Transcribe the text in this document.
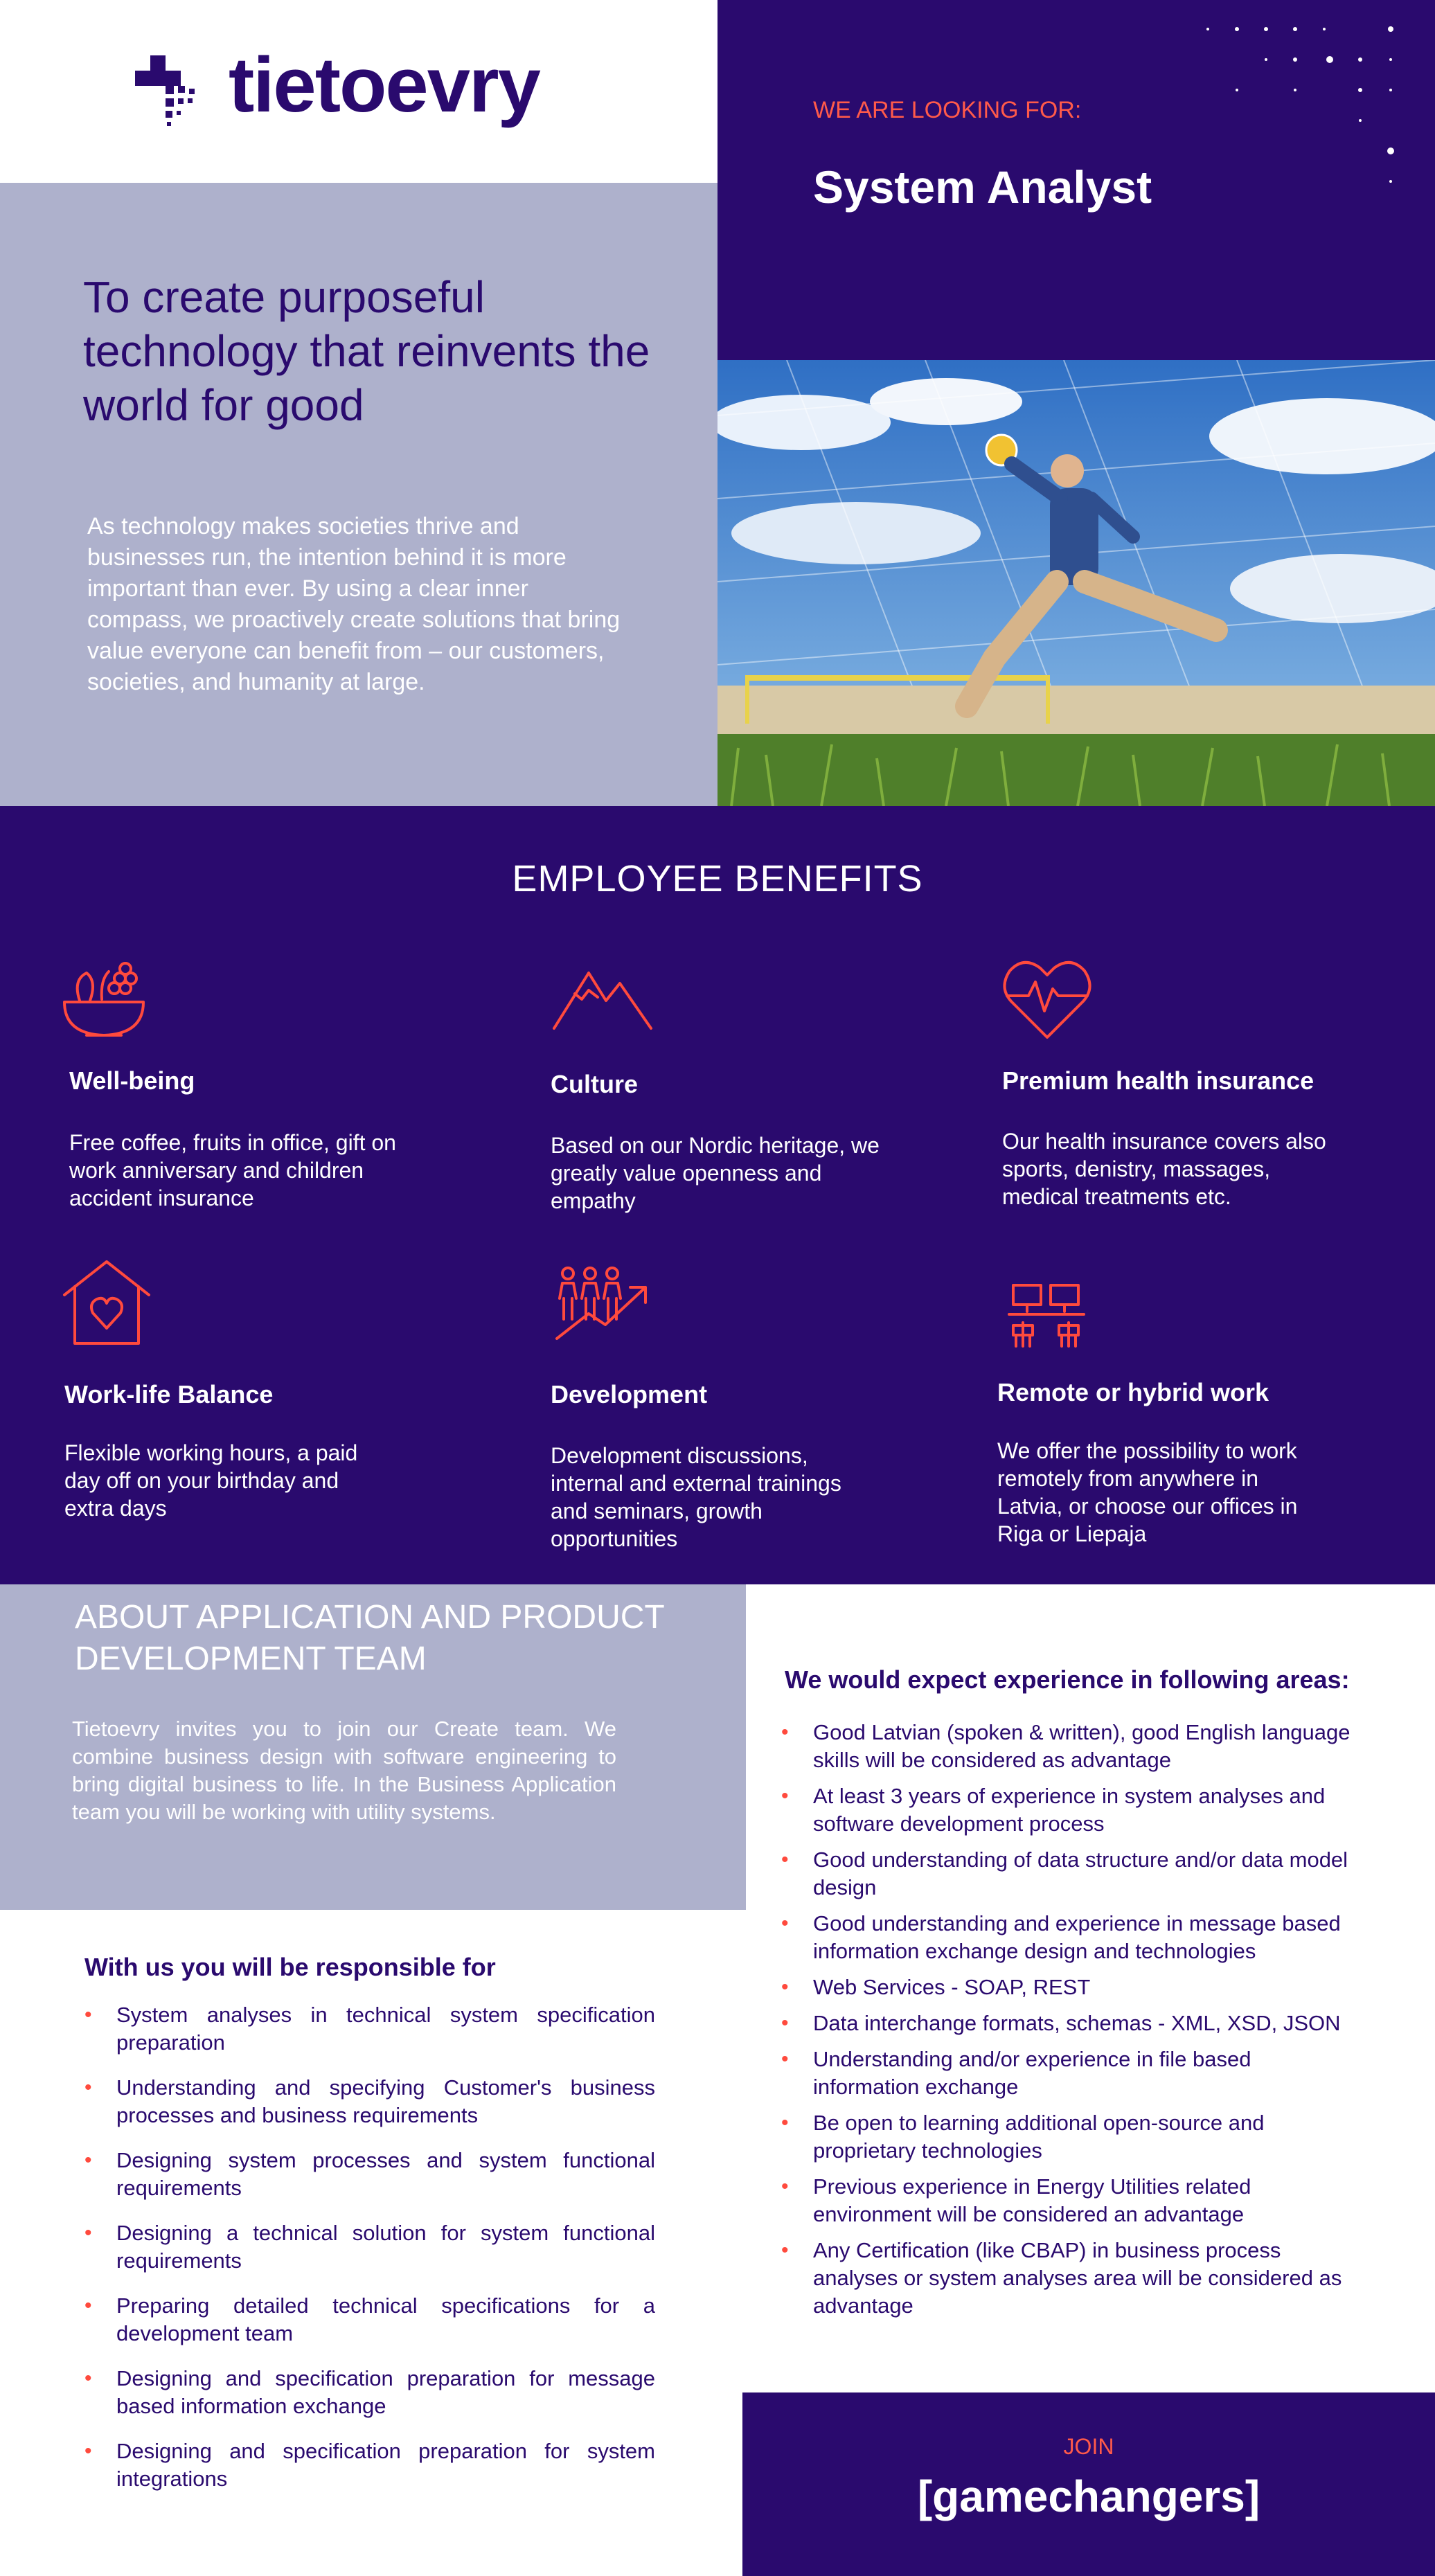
tietoevry	WE ARE LOOKING FOR:
System Analyst
To create purposeful technology that reinvents the world for good
As technology makes societies thrive and businesses run, the intention behind it is more important than ever. By using a clear inner compass, we proactively create solutions that bring value everyone can benefit from – our customers, societies, and humanity at large.
EMPLOYEE BENEFITS
Well-being
Free coffee, fruits in office, gift on work anniversary and children accident insurance
Culture
Based on our Nordic heritage, we greatly value openness and empathy
Premium health insurance
Our health insurance covers also sports, denistry, massages, medical treatments etc.
Work-life Balance
Flexible working hours, a paid day off on your birthday and extra days
Development
Development discussions, internal and external trainings and seminars, growth opportunities
Remote or hybrid work
We offer the possibility to work remotely from anywhere in Latvia, or choose our offices in Riga or Liepaja
ABOUT APPLICATION AND PRODUCT DEVELOPMENT TEAM
Tietoevry invites you to join our Create team. We combine business design with software engineering to bring digital business to life. In the Business Application team you will be working with utility systems.
With us you will be responsible for
• System analyses in technical system specification preparation
• Understanding and specifying Customer's business processes and business requirements
• Designing system processes and system functional requirements
• Designing a technical solution for system functional requirements
• Preparing detailed technical specifications for a development team
• Designing and specification preparation for message based information exchange
• Designing and specification preparation for system integrations
We would expect experience in following areas:
• Good Latvian (spoken & written), good English language skills will be considered as advantage
• At least 3 years of experience in system analyses and software development process
• Good understanding of data structure and/or data model design
• Good understanding and experience in message based information exchange design and technologies
• Web Services - SOAP, REST
• Data interchange formats, schemas - XML, XSD, JSON
• Understanding and/or experience in file based information exchange
• Be open to learning additional open-source and proprietary technologies
• Previous experience in Energy Utilities related environment will be considered an advantage
• Any Certification (like CBAP) in business process analyses or system analyses area will be considered as advantage
JOIN
[gamechangers]
